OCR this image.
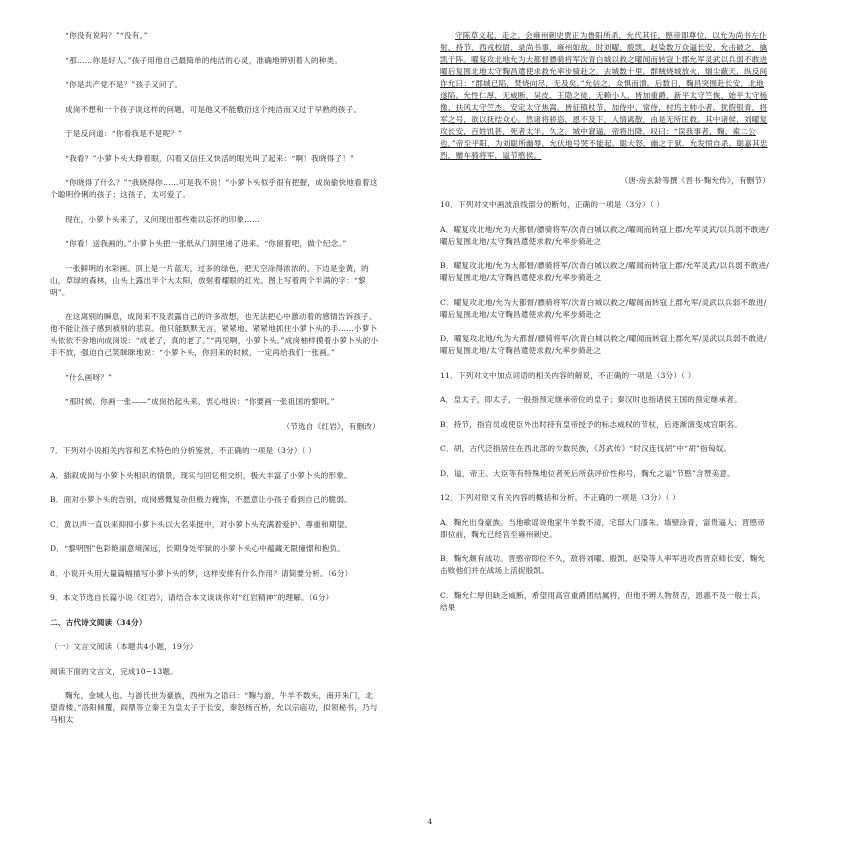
“你没有说吗？”“没有。”

“那……你是好人。”孩子用他自己最简单的纯洁的心灵，准确地辨别着人的种类。

“你是共产党不是？”孩子又问了。

成岗不想和一个孩子谈这样的问题，可是他又不能敷衍这个纯洁而又过于早熟的孩子。

于是反问道：“你看我是不是呢？”

“我看？”小萝卜头大睁着眼，闪着又信任又快活的眼光叫了起来：“啊！我晓得了！”

“你晓得了什么？”“我晓得你……可是我不说！”小萝卜头似乎很有把握，成岗偷快地看着这个聪明伶俐的孩子；这孩子，太可爱了。

现在，小萝卜头来了，又问现出那些难以忘怀的印象……

“你看！送我画的。”小萝卜头把一张纸从门洞里递了进来。“你留着吧，做个纪念。”

一张鲜明的水彩画。顶上是一片蓝天，过多的绿色，把天空涂得浓浓的。下边是金黄，的山，草绿的森林，山头上露出半个大太阳，放射着耀眼的红光。图上写着两个半满的字：“黎明”。

在这离别的瞬息，成岗来不及表露自己的许多敌想，也无法把心中激动着的感情告诉孩子。他不能让孩子感到被别的悲哀。他只能默默无言，紧紧地、紧紧地抓住小萝卜头的手……小萝卜头依依不舍地向成岗说：“成老了，真的老了。”“再见啊，小萝卜头。”成岗柚样摸着小萝卜头的小手不放，强迫自己笑眯眯地说：“小萝卜头，你回来的时候，一定再给我们一张画。”

“什么画呀？”

“那时候，你画一张——”成岗抬起头来，衷心地说：“你要画一张祖国的黎明。”

（节选自《红岩》，有删改）

7．下列对小说相关内容和艺术特色的分析鉴赏，不正确的一项是（3分）（ ）

A．插叙成岗与小萝卜头相识的情景，现实与回忆相交织，极大丰富了小萝卜头的形象。

B．面对小萝卜头的告别，成岗感慨复杂但极力掩饰，不愿意让小孩子看到自己的脆弱。

C．黄以声一直以来抑抑小萝卜头以大名来挺中，对小萝卜头充满着爱护、尊重和期望。

D．“黎明图”色彩艳丽意境深远，长期身处牢狱的小萝卜头心中蕴藏无限憧憬和抱负。

8．小说开头用大量篇幅描写小萝卜头的梦，这样安排有什么作用？请简要分析。（6分）

9．本文节选自长篇小说《红岩》，请结合本文谈谈你对“红岩精神”的理解。（6分）

二、古代诗文阅读（34分）

（一）文言文阅读（本题共4小题，19分）

阅读下面的文言文，完成10~13题。

麴允，金城人也。与游氏世为豪族，西州为之语曰：“麴与游，牛羊不数头，南开朱门，北望青楼。”洛阳倾覆，阎鼎等立秦王为皇太子于长安，秦怒杨百桥，允以宗庙功，拟领秘书，乃与马相太

守陈草义起，走之。会雍州刺史贾正为鲁阳所杀，允代其任。愍帝即尊位，以允为尚书左仆射、持节、西戎校尉、录尚书事，雍州如故。时刘曜、殷凯、赵染数万众逼长安，允击破之，擒凯于阵。曜复攻北地允为大都督骠骑将军次青白城以救之曜闻而转寇上郡允军灵武以兵弱不敢进曜后复围北地太守麴昌遣使求救允率步骑赴之。去城数十里，群贼烧城放火，烟尘蔽天，纵反间诈允曰：“郡城已陷，焚烧向尽，无及矣。”允信之，众惧而溃。后数日，麴昌突围赴长安，北地遂陷。允性仁厚，无威断，吴皮、王隐之徒，无赖小人，皆加重爵，新平太守竺恢、始平太守杨像、扶风太守竺杰、安定太守焦嵩，皆征镇杖节，加侍中、常侍，村坞主帅小者，犹假银青，将军之号，欲以抚结众心。然诸将骄恣，恩不及下，人情离散，由是无所匡救。其中诸侯，刘曜复攻长安，百姓饥甚，死者太半。久之，城中窘逼，帝将出降，叹曰：“误我事者，麴、索二公也。”帝至平阳，为刘聪所幽辱，允伏地号哭不能起。聪大怒，幽之于狱，允发愤自杀。聪嘉其忠烈，赠车骑将军，谥节愍侯。

（唐·房玄龄等撰《晋书·麴允传》，有删节）

10．下列对文中画波浪线部分的断句，正确的一项是（3分）（ ）

A．曜复攻北地/允为大都督/骠骑将军/次青白城以救之/曜闻而转寇上郡/允军灵武/以兵弱不敢进/曜后复围北地/太守麴昌遣使求救/允率步骑赴之

B．曜复攻北地/允为大都督/骠骑将军/次青白城以救之/曜闻而转寇上郡/允军灵武/以兵弱不敢进/曜后复围北地/太守麴昌遣使求救/允率步骑赴之

C．曜复攻北地/允为大都督/骠骑将军/次青白城以救之/曜闻而转寇上郡允军/灵武以兵弱不敢进/曜后复围北地/太守麴昌遣使求救/允率步骑赴之

D．曜复攻北地/允为大都督/骠骑将军/次青白城以救之/曜闻而转寇上郡允军/灵武以兵弱不敢进/曜后复围北地/太守麴昌遣使求救/允率步骑赴之

11．下列对文中加点词语的相关内容的解说，不正确的一项是（3分）（ ）

A．皇太子，即太子，一般指预定继承帝位的皇子；秦汉时也指诸侯王国的预定继承者。

B．持节，指官员或使臣外出时持有皇帝授予的标志威权的节杖，后逐渐演变成官职名。

C．胡，古代泛指居住在西北部的少数民族，《苏武传》“时汉连伐胡”中“胡”指匈奴。

D．谥，帝王、大臣等有特殊地位者死后所获评价性称号，麴允之谥“节愍”含赞美意。

12．下列对原文有关内容的概括和分析，不正确的一项是（3分）（ ）

A．麴允出身豪族。当地歌谣说他家牛羊数不清，宅邸大门漆朱、墙壁涂青，富贵逼人；晋愍帝即位前，麴允已经官至雍州刺史。

B．麴允颇有战功。晋愍帝即位不久，敌将刘曜、殷凯、赵染等人率军进攻西晋京师长安，麴允击败他们并在战场上活捉殷凯。

C．麴允仁厚但缺乏威断，希望用高官重爵团结属将，但他不辨人物贤否，恩惠不及一般士兵，结果

4
